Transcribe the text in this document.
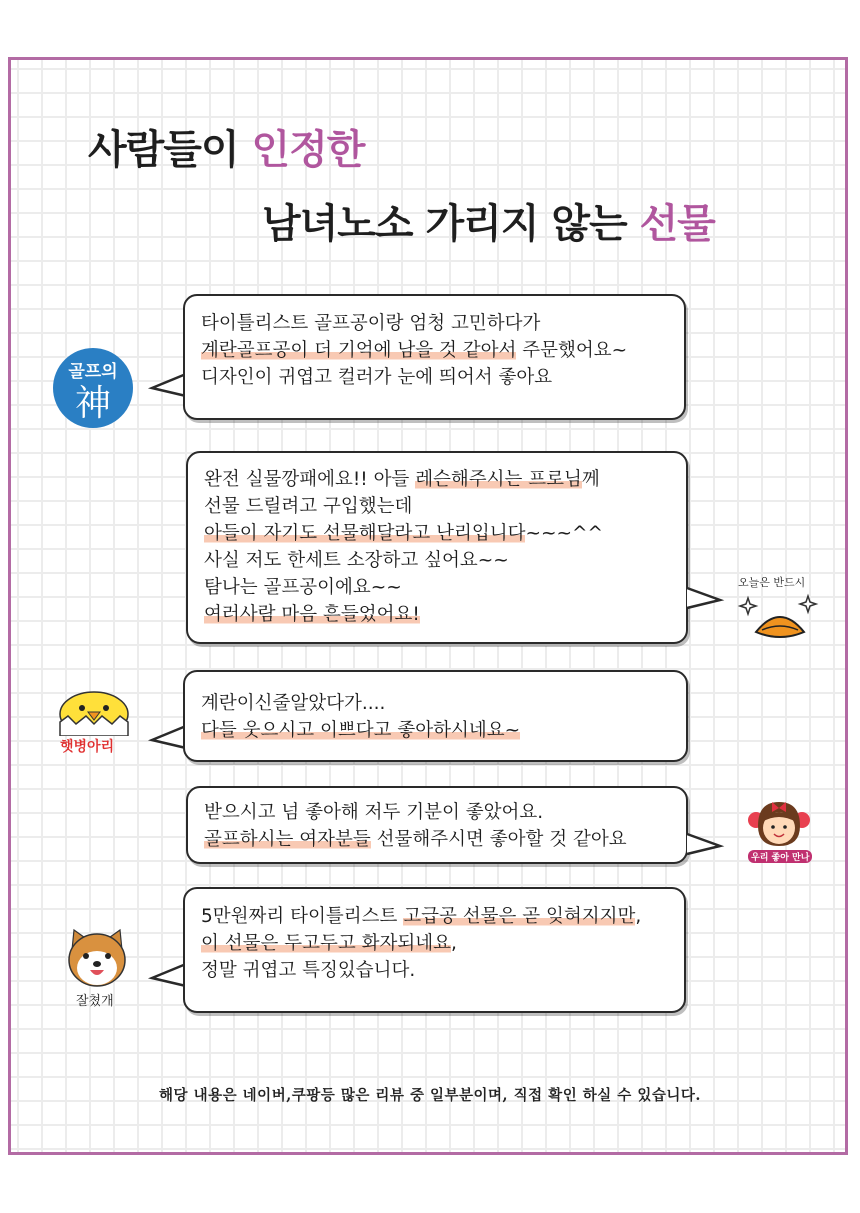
사람들이 인정한
남녀노소 가리지 않는 선물
골프의
神
타이틀리스트 골프공이랑 엄청 고민하다가
계란골프공이 더 기억에 남을 것 같아서 주문했어요~
디자인이 귀엽고 컬러가 눈에 띄어서 좋아요
완전 실물깡패에요!! 아들 레슨해주시는 프로님께
선물 드릴려고 구입했는데
아들이 자기도 선물해달라고 난리입니다~~~^^
사실 저도 한세트 소장하고 싶어요~~
탐나는 골프공이에요~~
여러사람 마음 흔들었어요!
오늘은 반드시
햇병아리
계란이신줄알았다가....
다들 웃으시고 이쁘다고 좋아하시네요~
받으시고 넘 좋아해 저두 기분이 좋았어요.
골프하시는 여자분들 선물해주시면 좋아할 것 같아요
우리 좋아 만나
잘쳤개
5만원짜리 타이틀리스트 고급공 선물은 곧 잊혀지지만,
이 선물은 두고두고 화자되네요,
정말 귀엽고 특징있습니다.
해당 내용은 네이버,쿠팡등 많은 리뷰 중 일부분이며, 직접 확인 하실 수 있습니다.
